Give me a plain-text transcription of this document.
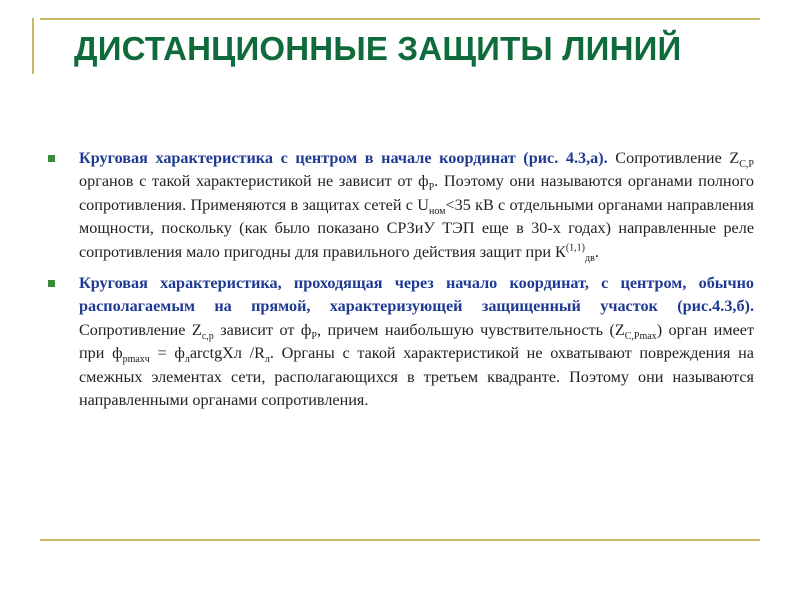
ДИСТАНЦИОННЫЕ ЗАЩИТЫ ЛИНИЙ

Круговая характеристика с центром в начале координат (рис. 4.3,а). Сопротивление $Z_{С,Р}$ органов с такой характеристикой не зависит от $ф_Р$. Поэтому они называются органами полного сопротивления. Применяются в защитах сетей с $U_{ном}<35$ кВ с отдельными органами направления мощности, поскольку (как было показано СРЗиУ ТЭП еще в 30-х годах) направленные реле сопротивления мало пригодны для правильного действия защит при К$^{(1,1)}_{дв}$.

Круговая характеристика, проходящая через начало координат, с центром, обычно располагаемым на прямой, характеризующей защищенный участок (рис.4.3,б). Сопротивление $Z_{с,р}$ зависит от $ф_Р$, причем наибольшую чувствительность $(Z_{С,Pmax})$ орган имеет при $ф_{pmaxч}$ = $ф_лarctgXл$ $/R_л$. Органы с такой характеристикой не охватывают повреждения на смежных элементах сети, располагающихся в третьем квадранте. Поэтому они называются направленными органами сопротивления.
